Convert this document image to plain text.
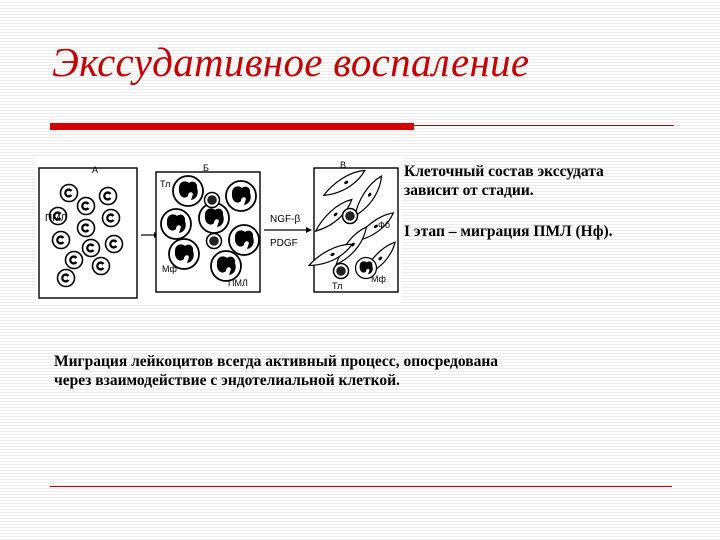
Экссудативное воспаление
А
ПМЛ
Б
Тл
Мф
ПМЛ
NGF-β
PDGF
В
Фб
Мф
Тл
Клеточный состав экссудата
зависит от стадии.
I этап – миграция ПМЛ (Нф).
Миграция лейкоцитов всегда активный процесс, опосредована
через взаимодействие с эндотелиальной клеткой.
